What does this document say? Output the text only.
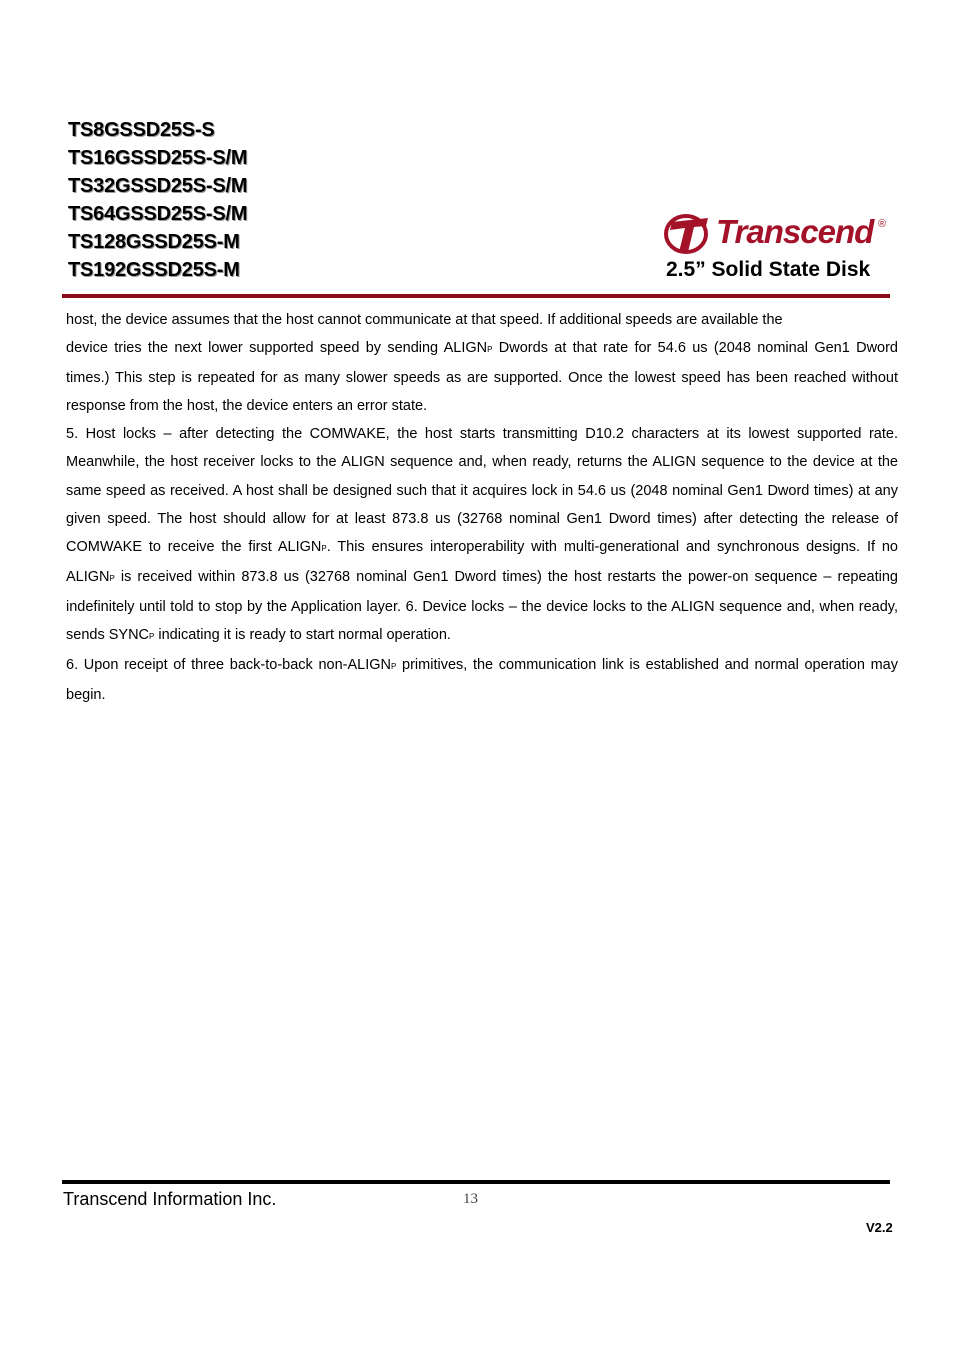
TS8GSSD25S-S
TS16GSSD25S-S/M
TS32GSSD25S-S/M
TS64GSSD25S-S/M
TS128GSSD25S-M
TS192GSSD25S-M
Transcend ®
2.5” Solid State Disk

host, the device assumes that the host cannot communicate at that speed. If additional speeds are available the

device tries the next lower supported speed by sending ALIGNP Dwords at that rate for 54.6 us (2048 nominal Gen1 Dword times.) This step is repeated for as many slower speeds as are supported. Once the lowest speed has been reached without response from the host, the device enters an error state.

5. Host locks – after detecting the COMWAKE, the host starts transmitting D10.2 characters at its lowest supported rate. Meanwhile, the host receiver locks to the ALIGN sequence and, when ready, returns the ALIGN sequence to the device at the same speed as received. A host shall be designed such that it acquires lock in 54.6 us (2048 nominal Gen1 Dword times) at any given speed. The host should allow for at least 873.8 us (32768 nominal Gen1 Dword times) after detecting the release of COMWAKE to receive the first ALIGNP. This ensures interoperability with multi-generational and synchronous designs. If no ALIGNP is received within 873.8 us (32768 nominal Gen1 Dword times) the host restarts the power-on sequence – repeating indefinitely until told to stop by the Application layer. 6. Device locks – the device locks to the ALIGN sequence and, when ready, sends SYNCP indicating it is ready to start normal operation.

6. Upon receipt of three back-to-back non-ALIGNP primitives, the communication link is established and normal operation may begin.

Transcend Information Inc.	13
V2.2
